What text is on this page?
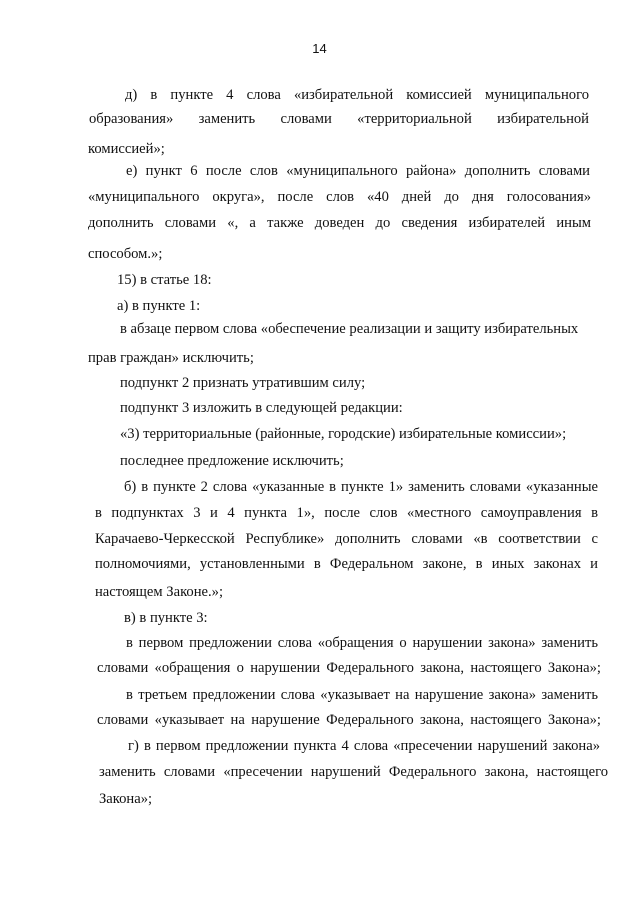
14
д) в пункте 4 слова «избирательной комиссией муниципального
образования» заменить словами «территориальной избирательной
комиссией»;
е) пункт 6 после слов «муниципального района» дополнить словами
«муниципального округа», после слов «40 дней до дня голосования»
дополнить словами «, а также доведен до сведения избирателей иным
способом.»;
15) в статье 18:
а) в пункте 1:
в абзаце первом слова «обеспечение реализации и защиту избирательных
прав граждан» исключить;
подпункт 2 признать утратившим силу;
подпункт 3 изложить в следующей редакции:
«3) территориальные (районные, городские) избирательные комиссии»;
последнее предложение исключить;
б) в пункте 2 слова «указанные в пункте 1» заменить словами «указанные
в подпунктах 3 и 4 пункта 1», после слов «местного самоуправления в
Карачаево-Черкесской Республике» дополнить словами «в соответствии с
полномочиями, установленными в Федеральном законе, в иных законах и
настоящем Законе.»;
в) в пункте 3:
в первом предложении слова «обращения о нарушении закона» заменить
словами «обращения о нарушении Федерального закона, настоящего Закона»;
в третьем предложении слова «указывает на нарушение закона» заменить
словами «указывает на нарушение Федерального закона, настоящего Закона»;
г) в первом предложении пункта 4 слова «пресечении нарушений закона»
заменить словами «пресечении нарушений Федерального закона, настоящего
Закона»;
